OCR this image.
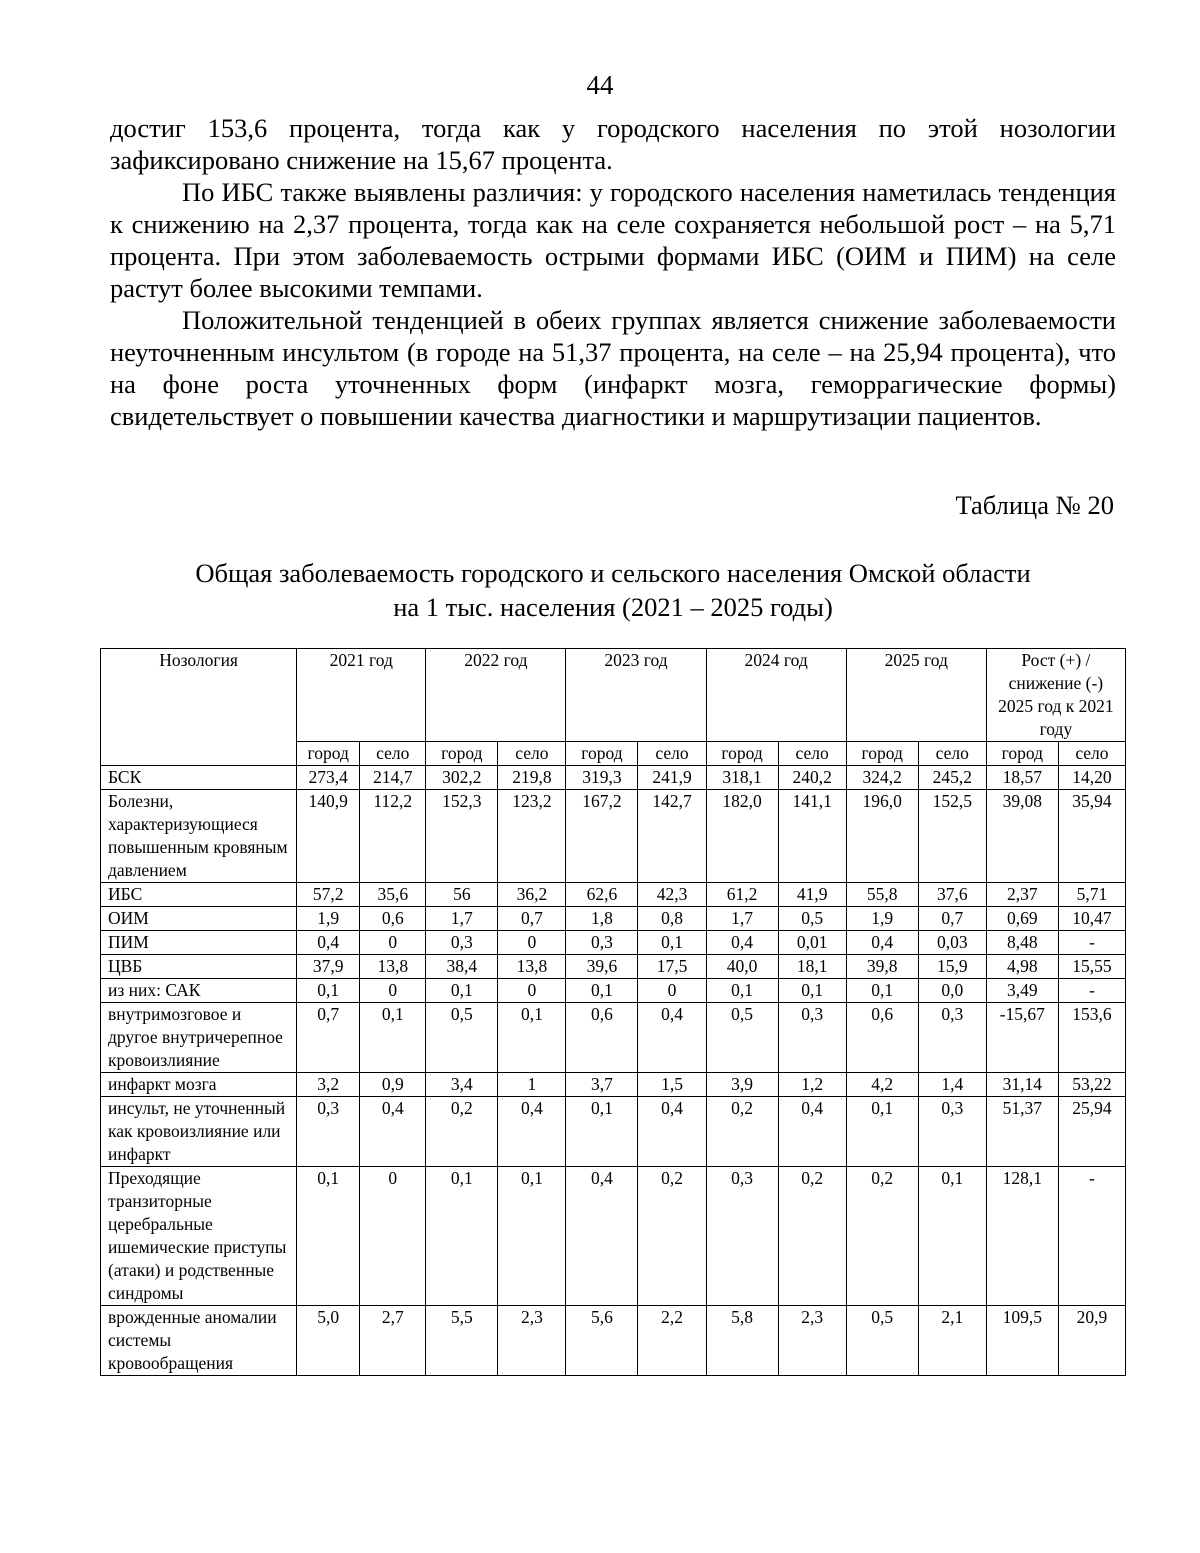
44

достиг 153,6 процента, тогда как у городского населения по этой нозологии зафиксировано снижение на 15,67 процента.

По ИБС также выявлены различия: у городского населения наметилась тенденция к снижению на 2,37 процента, тогда как на селе сохраняется небольшой рост – на 5,71 процента. При этом заболеваемость острыми формами ИБС (ОИМ и ПИМ) на селе растут более высокими темпами.

Положительной тенденцией в обеих группах является снижение заболеваемости неуточненным инсультом (в городе на 51,37 процента, на селе – на 25,94 процента), что на фоне роста уточненных форм (инфаркт мозга, геморрагические формы) свидетельствует о повышении качества диагностики и маршрутизации пациентов.

Таблица № 20
Общая заболеваемость городского и сельского населения Омской области
на 1 тыс. населения (2021 – 2025 годы)
Нозология	2021 год		2022 год		2023 год		2024 год		2025 год		Рост (+) / снижение (-) 2025 год к 2021 году	
	город	село	город	село	город	село	город	село	город	село	город	село
БСК	273,4	214,7	302,2	219,8	319,3	241,9	318,1	240,2	324,2	245,2	18,57	14,20
Болезни, характеризующиеся повышенным кровяным давлением	140,9	112,2	152,3	123,2	167,2	142,7	182,0	141,1	196,0	152,5	39,08	35,94
ИБС	57,2	35,6	56	36,2	62,6	42,3	61,2	41,9	55,8	37,6	2,37	5,71
ОИМ	1,9	0,6	1,7	0,7	1,8	0,8	1,7	0,5	1,9	0,7	0,69	10,47
ПИМ	0,4	0	0,3	0	0,3	0,1	0,4	0,01	0,4	0,03	8,48	-
ЦВБ	37,9	13,8	38,4	13,8	39,6	17,5	40,0	18,1	39,8	15,9	4,98	15,55
из них: САК	0,1	0	0,1	0	0,1	0	0,1	0,1	0,1	0,0	3,49	-
внутримозговое и другое внутричерепное кровоизлияние	0,7	0,1	0,5	0,1	0,6	0,4	0,5	0,3	0,6	0,3	-15,67	153,6
инфаркт мозга	3,2	0,9	3,4	1	3,7	1,5	3,9	1,2	4,2	1,4	31,14	53,22
инсульт, не уточненный как кровоизлияние или инфаркт	0,3	0,4	0,2	0,4	0,1	0,4	0,2	0,4	0,1	0,3	51,37	25,94
Преходящие транзиторные церебральные ишемические приступы (атаки) и родственные синдромы	0,1	0	0,1	0,1	0,4	0,2	0,3	0,2	0,2	0,1	128,1	-
врожденные аномалии системы кровообращения	5,0	2,7	5,5	2,3	5,6	2,2	5,8	2,3	0,5	2,1	109,5	20,9
